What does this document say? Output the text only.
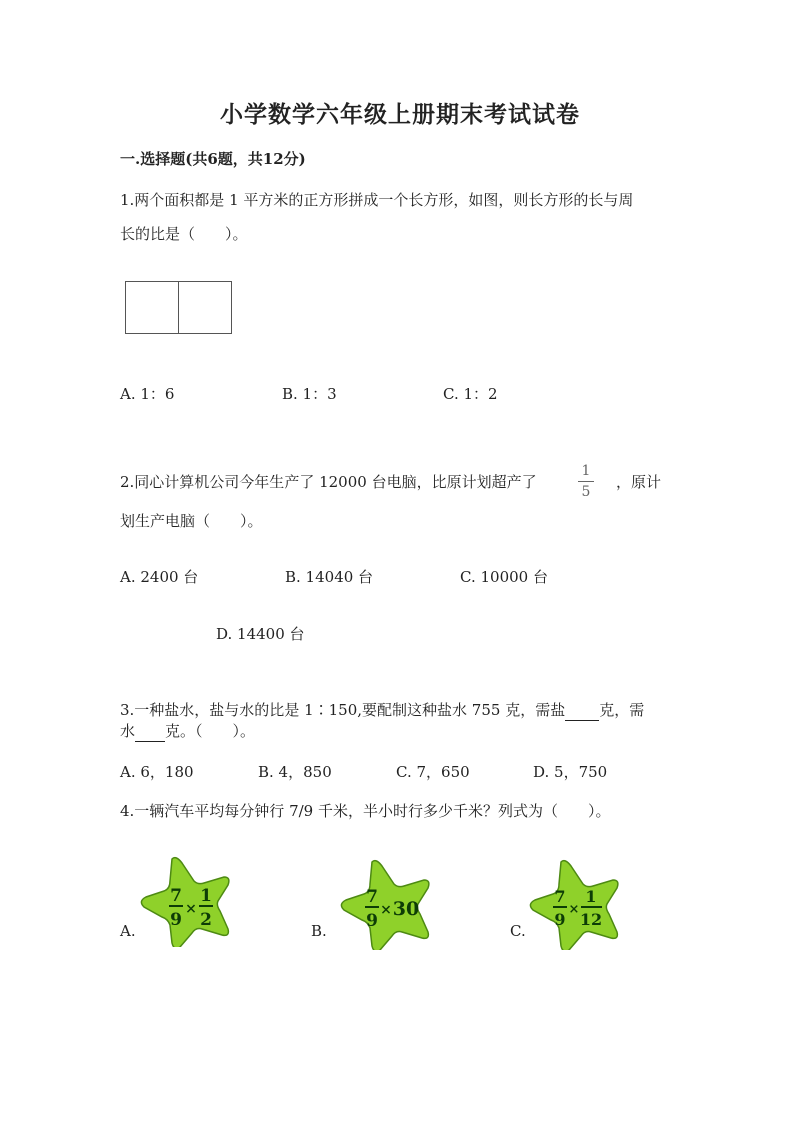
小学数学六年级上册期末考试试卷
一.选择题(共6题，共12分)
1.两个面积都是 1 平方米的正方形拼成一个长方形，如图，则长方形的长与周
长的比是（　　）。
A. 1：6	B. 1：3	C. 1：2
2.同心计算机公司今年生产了 12000 台电脑，比原计划超产了
1
5
，原计
划生产电脑（　　）。
A. 2400 台	B. 14040 台	C. 10000 台
D. 14400 台
3.一种盐水，盐与水的比是 1∶150,要配制这种盐水 755 克，需盐 克，需
水 克。（　　）。
A. 6，180	B. 4，850	C. 7，650	D. 5，750
4.一辆汽车平均每分钟行 7/9 千米，半小时行多少千米？列式为（　　）。
A.	B.	C.
7
9
×
1
2
7
9
× 30
7
9
×
1
12
